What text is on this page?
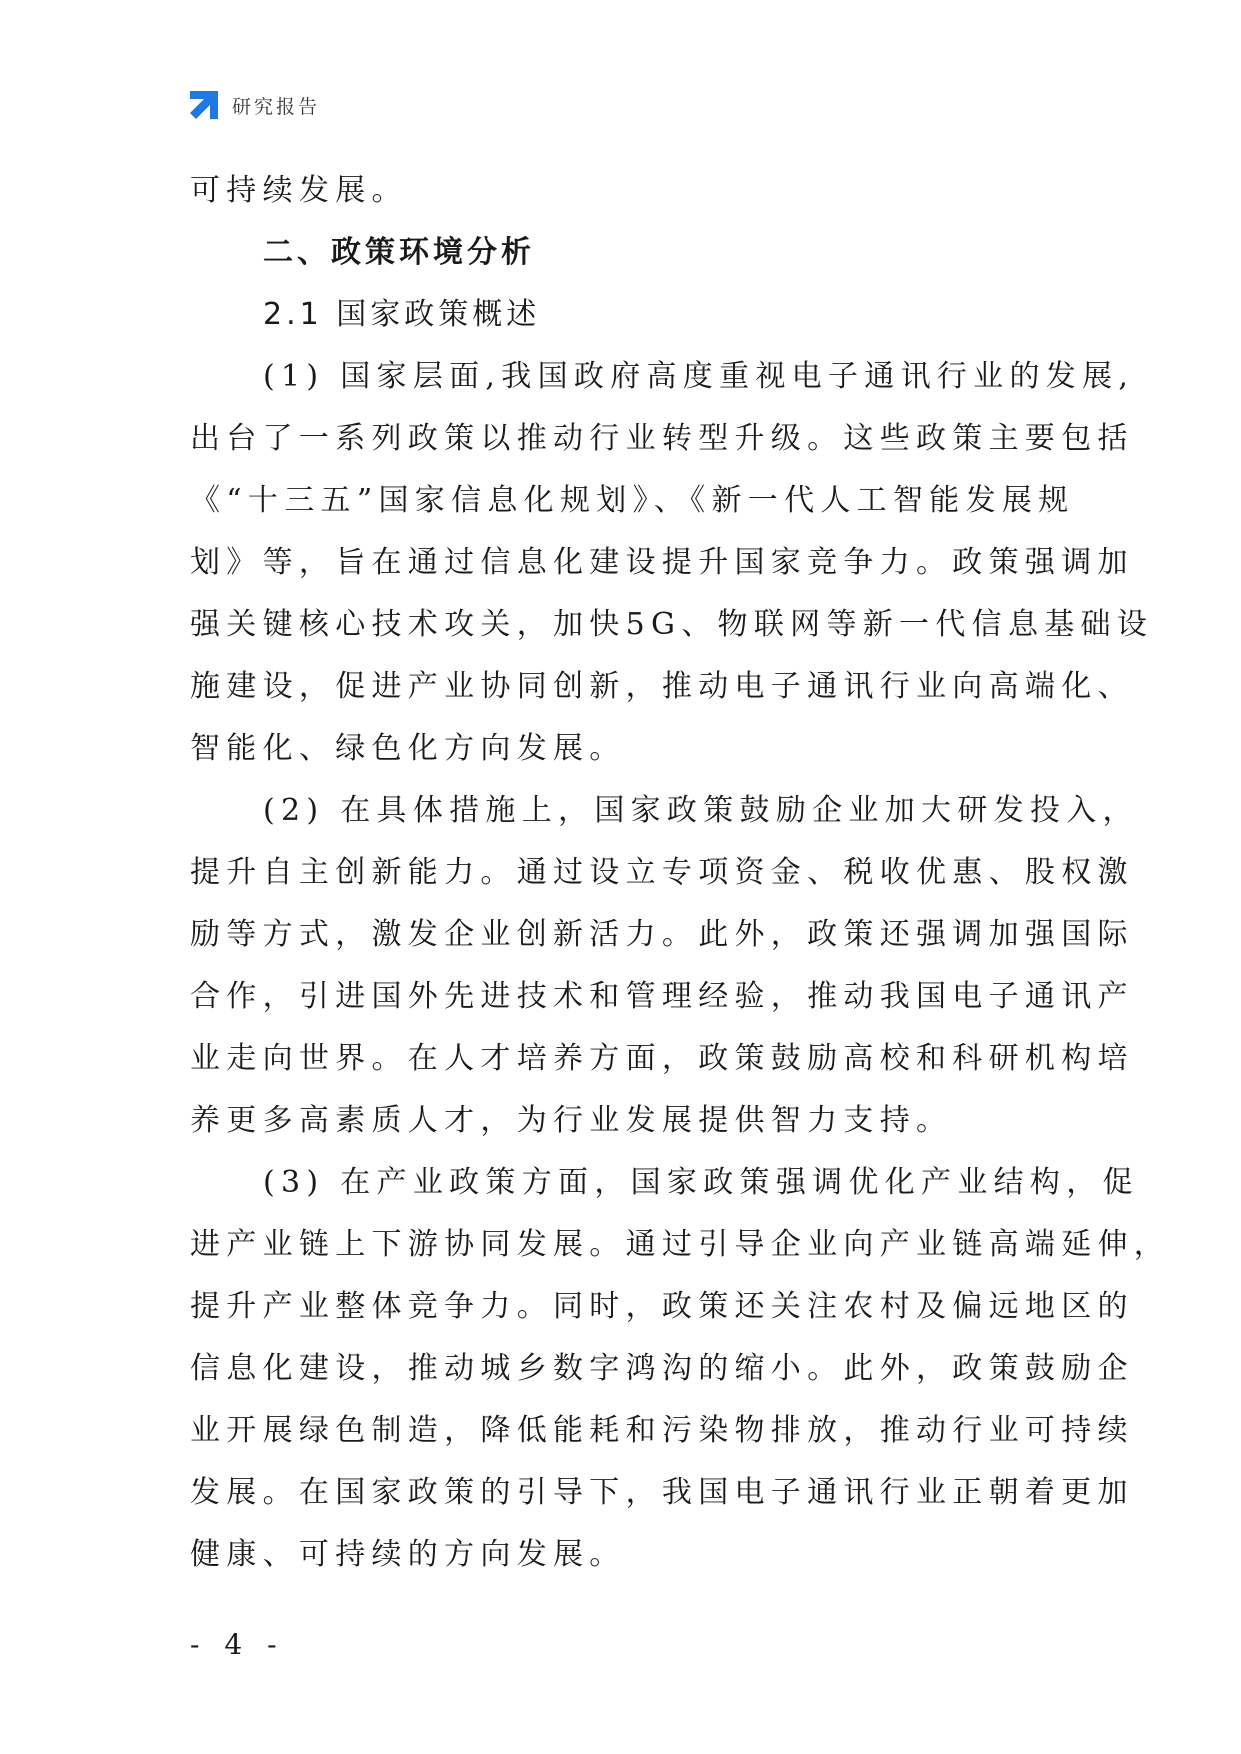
研究报告
可持续发展。
二、政策环境分析
2.1 国家政策概述
(1) 国家层面,我国政府高度重视电子通讯行业的发展,
出台了一系列政策以推动行业转型升级。这些政策主要包括
《“十三五”国家信息化规划》、《新一代人工智能发展规
划》等，旨在通过信息化建设提升国家竞争力。政策强调加
强关键核心技术攻关，加快5G、物联网等新一代信息基础设
施建设，促进产业协同创新，推动电子通讯行业向高端化、
智能化、绿色化方向发展。
(2) 在具体措施上，国家政策鼓励企业加大研发投入，
提升自主创新能力。通过设立专项资金、税收优惠、股权激
励等方式，激发企业创新活力。此外，政策还强调加强国际
合作，引进国外先进技术和管理经验，推动我国电子通讯产
业走向世界。在人才培养方面，政策鼓励高校和科研机构培
养更多高素质人才，为行业发展提供智力支持。
(3) 在产业政策方面，国家政策强调优化产业结构，促
进产业链上下游协同发展。通过引导企业向产业链高端延伸，
提升产业整体竞争力。同时，政策还关注农村及偏远地区的
信息化建设，推动城乡数字鸿沟的缩小。此外，政策鼓励企
业开展绿色制造，降低能耗和污染物排放，推动行业可持续
发展。在国家政策的引导下，我国电子通讯行业正朝着更加
健康、可持续的方向发展。
- 4 -
